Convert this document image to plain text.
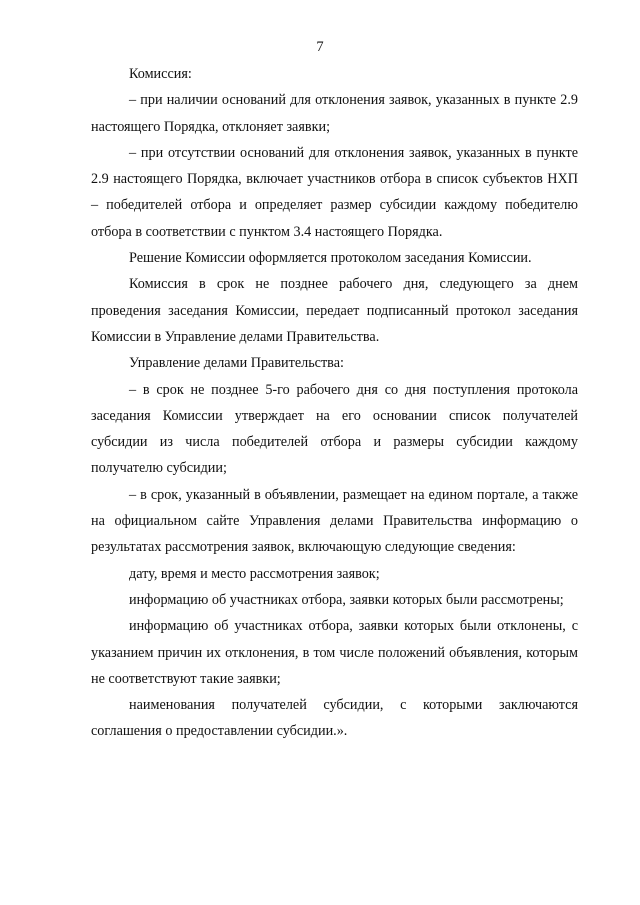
7

Комиссия:

– при наличии оснований для отклонения заявок, указанных в пункте 2.9 настоящего Порядка, отклоняет заявки;

– при отсутствии оснований для отклонения заявок, указанных в пункте 2.9 настоящего Порядка, включает участников отбора в список субъектов НХП – победителей отбора и определяет размер субсидии каждому победителю отбора в соответствии с пунктом 3.4 настоящего Порядка.

Решение Комиссии оформляется протоколом заседания Комиссии.

Комиссия в срок не позднее рабочего дня, следующего за днем проведения заседания Комиссии, передает подписанный протокол заседания Комиссии в Управление делами Правительства.

Управление делами Правительства:

– в срок не позднее 5-го рабочего дня со дня поступления протокола заседания Комиссии утверждает на его основании список получателей субсидии из числа победителей отбора и размеры субсидии каждому получателю субсидии;

– в срок, указанный в объявлении, размещает на едином портале, а также на официальном сайте Управления делами Правительства информацию о результатах рассмотрения заявок, включающую следующие сведения:

дату, время и место рассмотрения заявок;

информацию об участниках отбора, заявки которых были рассмотрены;

информацию об участниках отбора, заявки которых были отклонены, с указанием причин их отклонения, в том числе положений объявления, которым не соответствуют такие заявки;

наименования получателей субсидии, с которыми заключаются соглашения о предоставлении субсидии.».
